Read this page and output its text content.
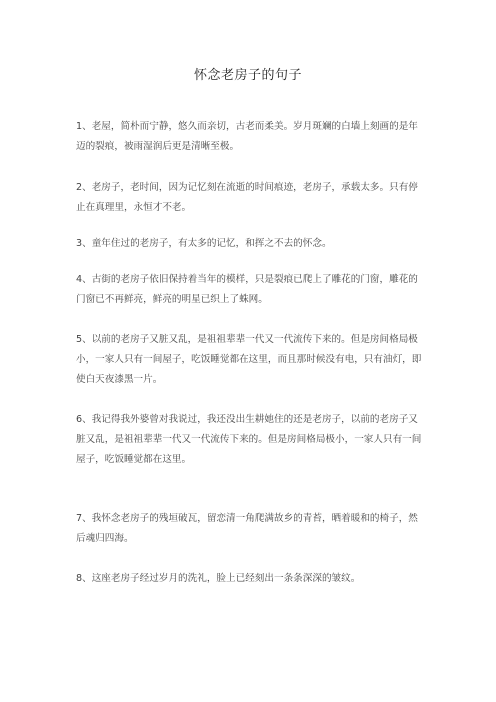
怀念老房子的句子

1、老屋，简朴而宁静，悠久而亲切，古老而柔美。岁月斑斓的白墙上刻画的是年迈的裂痕，被雨湿润后更是清晰至极。

2、老房子，老时间，因为记忆刻在流逝的时间痕迹，老房子，承载太多。只有停止在真理里，永恒才不老。

3、童年住过的老房子，有太多的记忆，和挥之不去的怀念。

4、古街的老房子依旧保持着当年的模样，只是裂痕已爬上了雕花的门窗，雕花的门窗已不再鲜亮，鲜亮的明星已织上了蛛网。

5、以前的老房子又脏又乱，是祖祖辈辈一代又一代流传下来的。但是房间格局极小，一家人只有一间屋子，吃饭睡觉都在这里，而且那时候没有电，只有油灯，即使白天夜漆黑一片。

6、我记得我外婆曾对我说过，我还没出生耕她住的还是老房子，以前的老房子又脏又乱，是祖祖辈辈一代又一代流传下来的。但是房间格局极小，一家人只有一间屋子，吃饭睡觉都在这里。

7、我怀念老房子的残垣破瓦，留恋清一角爬满故乡的青苔，晒着暖和的椅子，然后魂归四海。

8、这座老房子经过岁月的洗礼，脸上已经刻出一条条深深的皱纹。
